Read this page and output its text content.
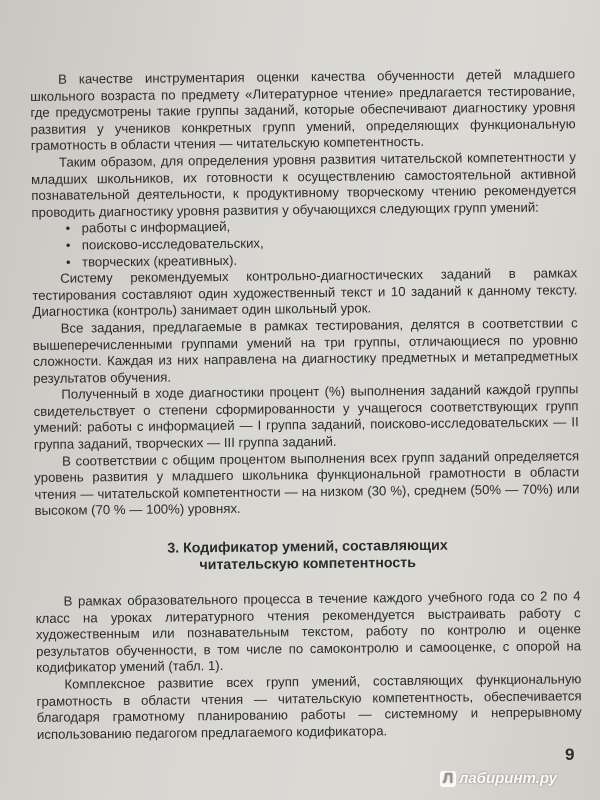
В качестве инструментария оценки качества обученности детей младшего школьного возраста по предмету «Литературное чтение» предлагается тестирование, где предусмотрены такие группы заданий, которые обеспечивают диагностику уровня развития у учеников конкретных групп умений, определяющих функциональную грамотность в области чтения — читательскую компетентность.

Таким образом, для определения уровня развития читательской компетентности у младших школьников, их готовности к осуществлению самостоятельной активной познавательной деятельности, к продуктивному творческому чтению рекомендуется проводить диагностику уровня развития у обучающихся следующих групп умений:

• работы с информацией,
• поисково-исследовательских,
• творческих (креативных).

Систему рекомендуемых контрольно-диагностических заданий в рамках тестирования составляют один художественный текст и 10 заданий к данному тексту. Диагностика (контроль) занимает один школьный урок.

Все задания, предлагаемые в рамках тестирования, делятся в соответствии с вышеперечисленными группами умений на три группы, отличающиеся по уровню сложности. Каждая из них направлена на диагностику предметных и метапредметных результатов обучения.

Полученный в ходе диагностики процент (%) выполнения заданий каждой группы свидетельствует о степени сформированности у учащегося соответствующих групп умений: работы с информацией — I группа заданий, поисково-исследовательских — II группа заданий, творческих — III группа заданий.

В соответствии с общим процентом выполнения всех групп заданий определяется уровень развития у младшего школьника функциональной грамотности в области чтения — читательской компетентности — на низком (30 %), среднем (50% — 70%) или высоком (70 % — 100%) уровнях.

3. Кодификатор умений, составляющих
читательскую компетентность

В рамках образовательного процесса в течение каждого учебного года со 2 по 4 класс на уроках литературного чтения рекомендуется выстраивать работу с художественным или познавательным текстом, работу по контролю и оценке результатов обученности, в том числе по самоконтролю и самооценке, с опорой на кодификатор умений (табл. 1).

Комплексное развитие всех групп умений, составляющих функциональную грамотность в области чтения — читательскую компетентность, обеспечивается благодаря грамотному планированию работы — системному и непрерывному использованию педагогом предлагаемого кодификатора.

9
Л лабиринт.ру
